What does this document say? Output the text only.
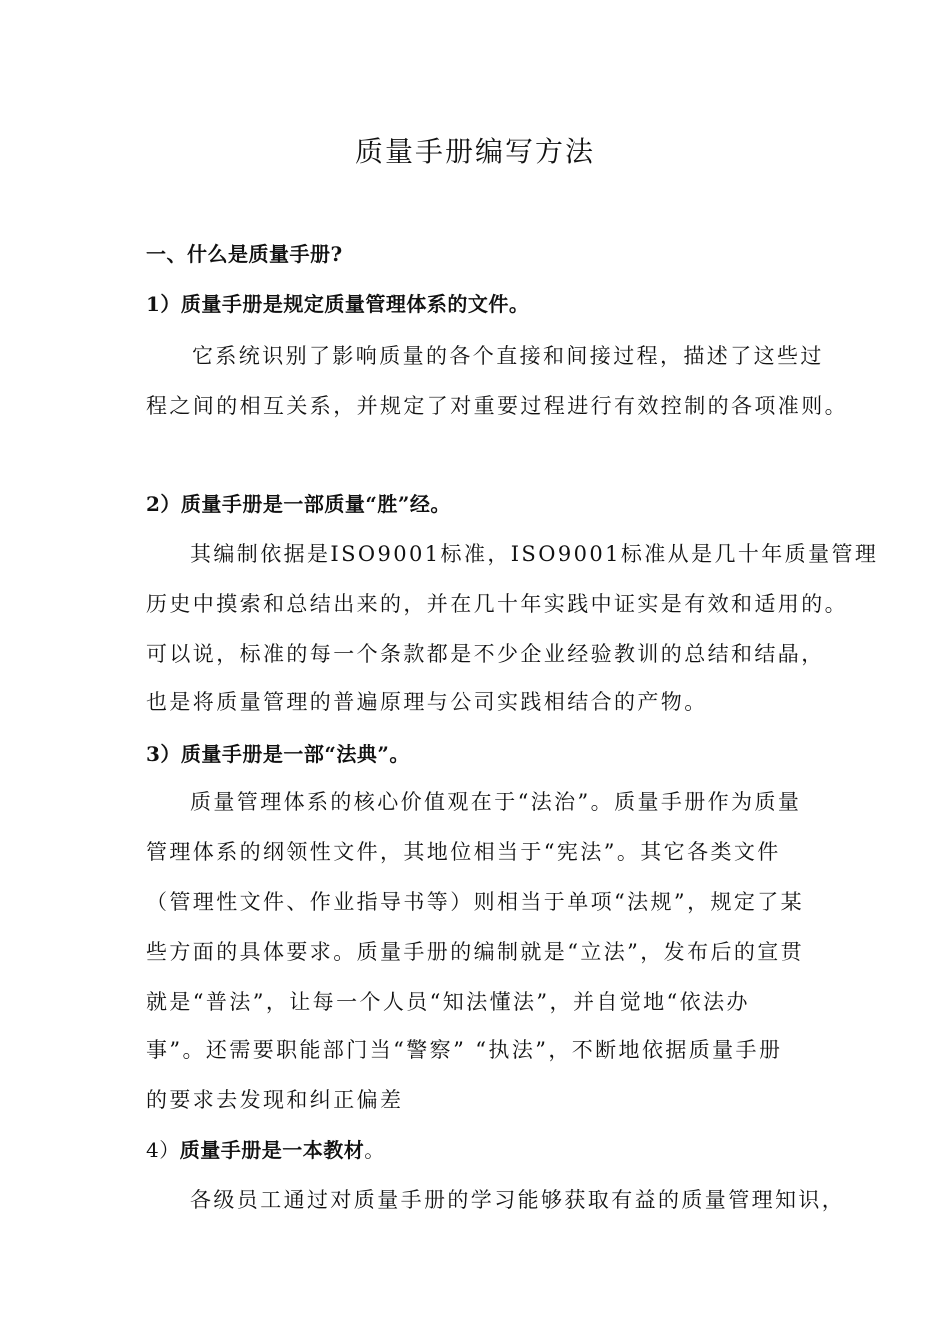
质量手册编写方法
一、什么是质量手册?
1）质量手册是规定质量管理体系的文件。
它系统识别了影响质量的各个直接和间接过程，描述了这些过
程之间的相互关系，并规定了对重要过程进行有效控制的各项准则。
2）质量手册是一部质量“胜”经。
其编制依据是ISO9001标准，ISO9001标准从是几十年质量管理
历史中摸索和总结出来的，并在几十年实践中证实是有效和适用的。
可以说，标准的每一个条款都是不少企业经验教训的总结和结晶，
也是将质量管理的普遍原理与公司实践相结合的产物。
3）质量手册是一部“法典”。
质量管理体系的核心价值观在于“法治”。质量手册作为质量
管理体系的纲领性文件，其地位相当于“宪法”。其它各类文件
（管理性文件、作业指导书等）则相当于单项“法规”，规定了某
些方面的具体要求。质量手册的编制就是“立法”，发布后的宣贯
就是“普法”，让每一个人员“知法懂法”，并自觉地“依法办
事”。还需要职能部门当“警察” “执法”，不断地依据质量手册
的要求去发现和纠正偏差
4）质量手册是一本教材。
各级员工通过对质量手册的学习能够获取有益的质量管理知识，
